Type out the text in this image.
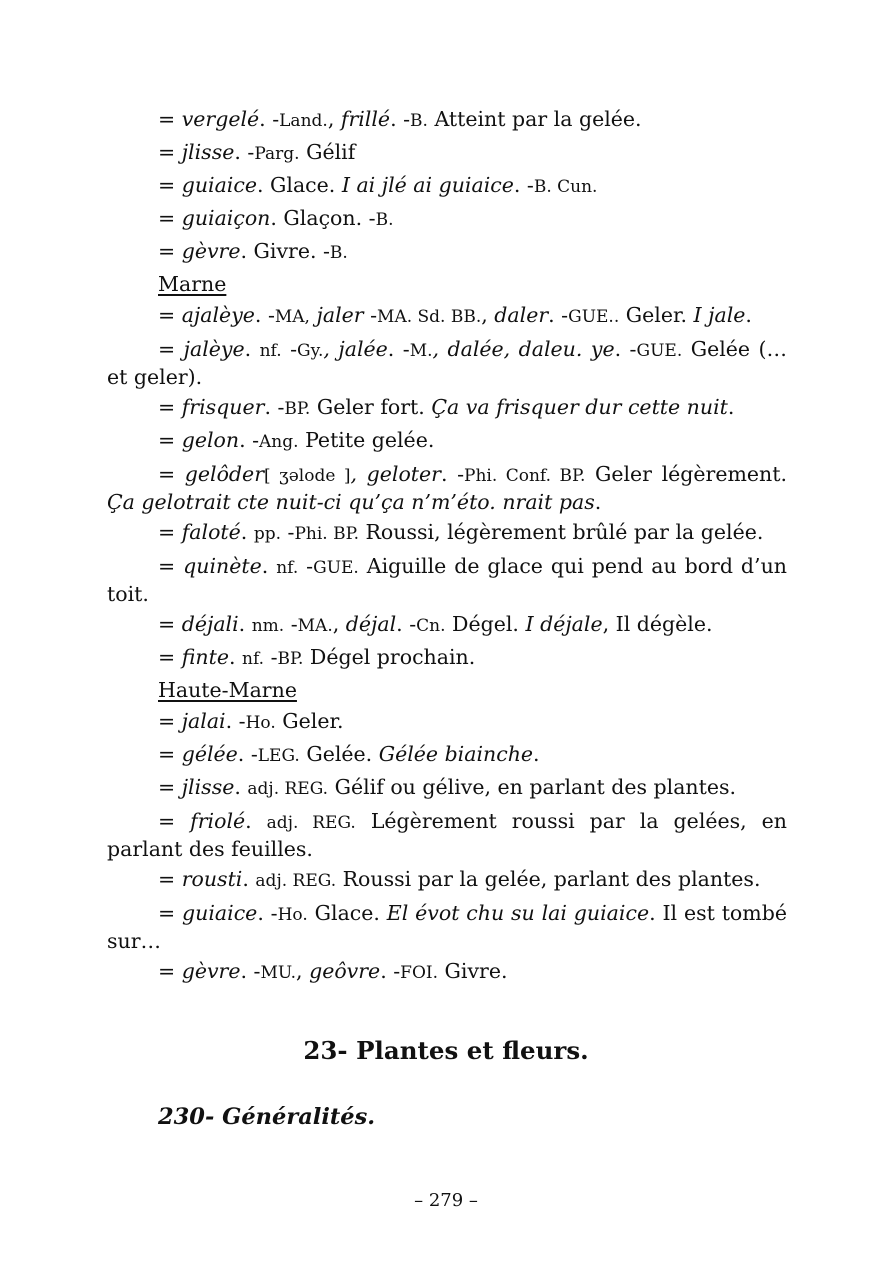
= vergelé. -Land., frillé. -B. Atteint par la gelée.

= jlisse. -Parg. Gélif

= guiaice. Glace. I ai jlé ai guiaice. -B. Cun.

= guiaiçon. Glaçon. -B.

= gèvre. Givre. -B.

Marne

= ajalèye. -MA, jaler -MA. Sd. BB., daler. -GUE.. Geler. I jale.

= jalèye. nf. -Gy., jalée. -M., dalée, daleu. ye. -GUE. Gelée (… et geler).

= frisquer. -BP. Geler fort. Ça va frisquer dur cette nuit.

= gelon. -Ang. Petite gelée.

= gelôder[ ʒəlode ], geloter. -Phi. Conf. BP. Geler légèrement. Ça gelotrait cte nuit-ci qu’ça n’m’éto. nrait pas.

= faloté. pp. -Phi. BP. Roussi, légèrement brûlé par la gelée.

= quinète. nf. -GUE. Aiguille de glace qui pend au bord d’un toit.

= déjali. nm. -MA., déjal. -Cn. Dégel. I déjale, Il dégèle.

= finte. nf. -BP. Dégel prochain.

Haute-Marne

= jalai. -Ho. Geler.

= gélée. -LEG. Gelée. Gélée biainche.

= jlisse. adj. REG. Gélif ou gélive, en parlant des plantes.

= friolé. adj. REG. Légèrement roussi par la gelées, en parlant des feuilles.

= rousti. adj. REG. Roussi par la gelée, parlant des plantes.

= guiaice. -Ho. Glace. El évot chu su lai guiaice. Il est tombé sur…

= gèvre. -MU., geôvre. -FOI. Givre.

23- Plantes et fleurs.
230- Généralités.

– 279 –
